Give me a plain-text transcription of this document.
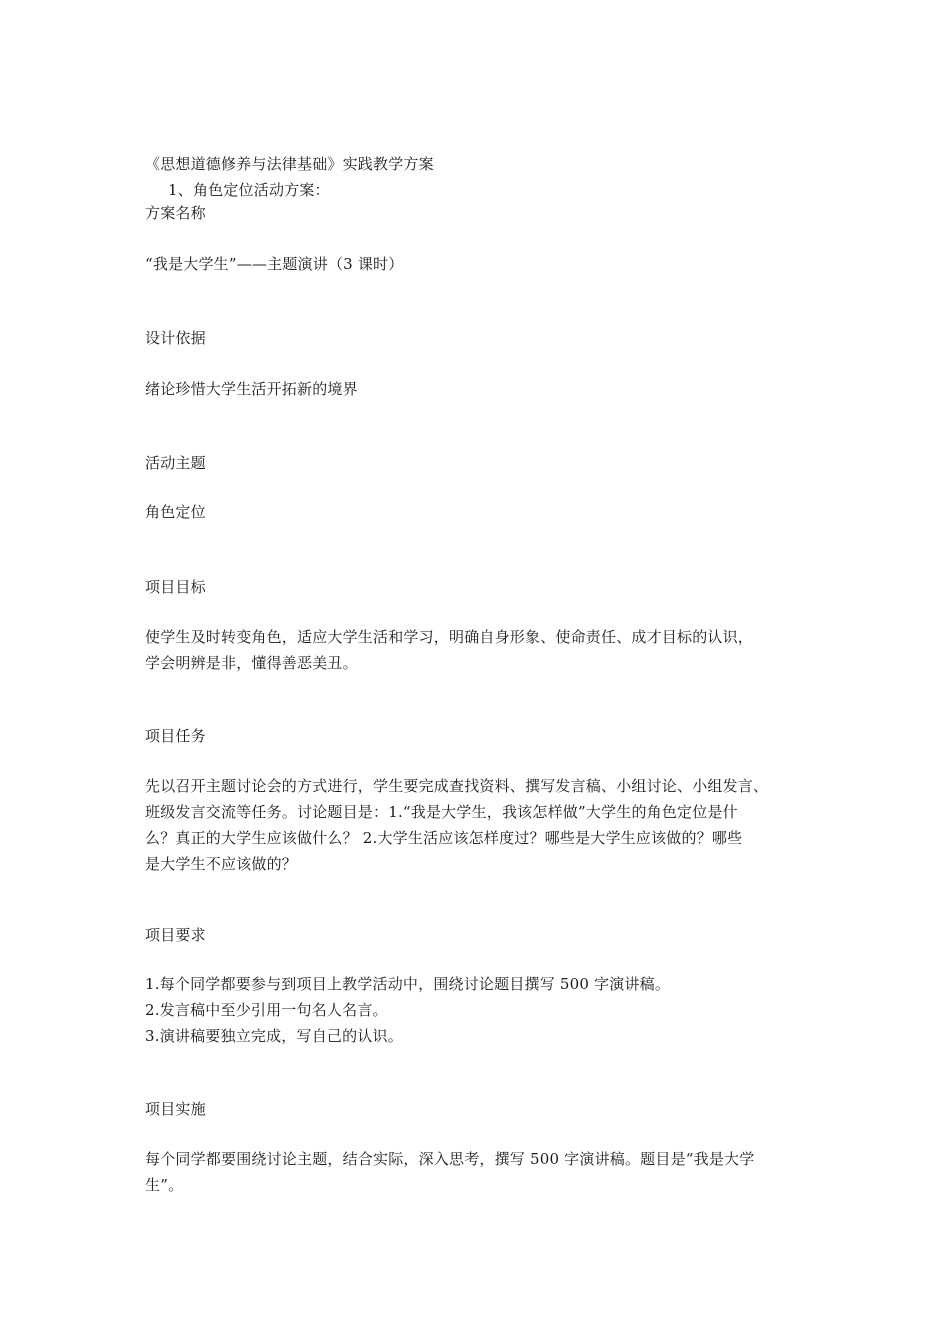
《思想道德修养与法律基础》实践教学方案
1、角色定位活动方案：
方案名称
“我是大学生”——主题演讲（3 课时）
设计依据
绪论珍惜大学生活开拓新的境界
活动主题
角色定位
项目目标
使学生及时转变角色，适应大学生活和学习，明确自身形象、使命责任、成才目标的认识，
学会明辨是非，懂得善恶美丑。
项目任务
先以召开主题讨论会的方式进行，学生要完成查找资料、撰写发言稿、小组讨论、小组发言、
班级发言交流等任务。讨论题目是：1.“我是大学生，我该怎样做”大学生的角色定位是什
么？真正的大学生应该做什么？ 2.大学生活应该怎样度过？哪些是大学生应该做的？哪些
是大学生不应该做的？
项目要求
1.每个同学都要参与到项目上教学活动中，围绕讨论题目撰写 500 字演讲稿。
2.发言稿中至少引用一句名人名言。
3.演讲稿要独立完成，写自己的认识。
项目实施
每个同学都要围绕讨论主题，结合实际，深入思考，撰写 500 字演讲稿。题目是“我是大学
生”。
